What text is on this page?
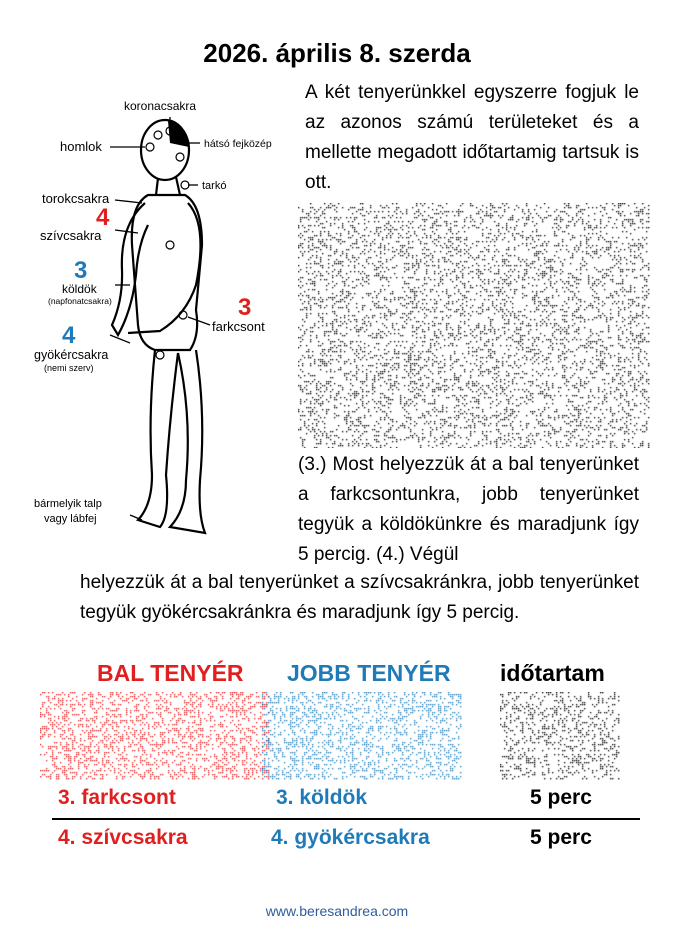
2026. április 8. szerda
koronacsakra
homlok	hátsó fejközép
tarkó
torokcsakra
4
szívcsakra
3
köldök
(napfonatcsakra)	3
farkcsont
4
gyökércsakra
(nemi szerv)
bármelyik talp
vagy lábfej
A két tenyerünkkel egyszerre fogjuk le az azonos számú területeket és a mellette megadott időtartamig tartsuk is ott.
(3.) Most helyezzük át a bal tenyerünket a farkcsontunkra, jobb tenyerünket tegyük a köldökünkre és maradjunk így 5 percig. (4.) Végül
helyezzük át a bal tenyerünket a szívcsakránkra, jobb tenyerünket tegyük gyökércsakránkra és maradjunk így 5 percig.
BAL TENYÉR JOBB TENYÉR időtartam
3. farkcsont	3. köldök	5 perc
4. szívcsakra	4. gyökércsakra	5 perc
www.beresandrea.com
